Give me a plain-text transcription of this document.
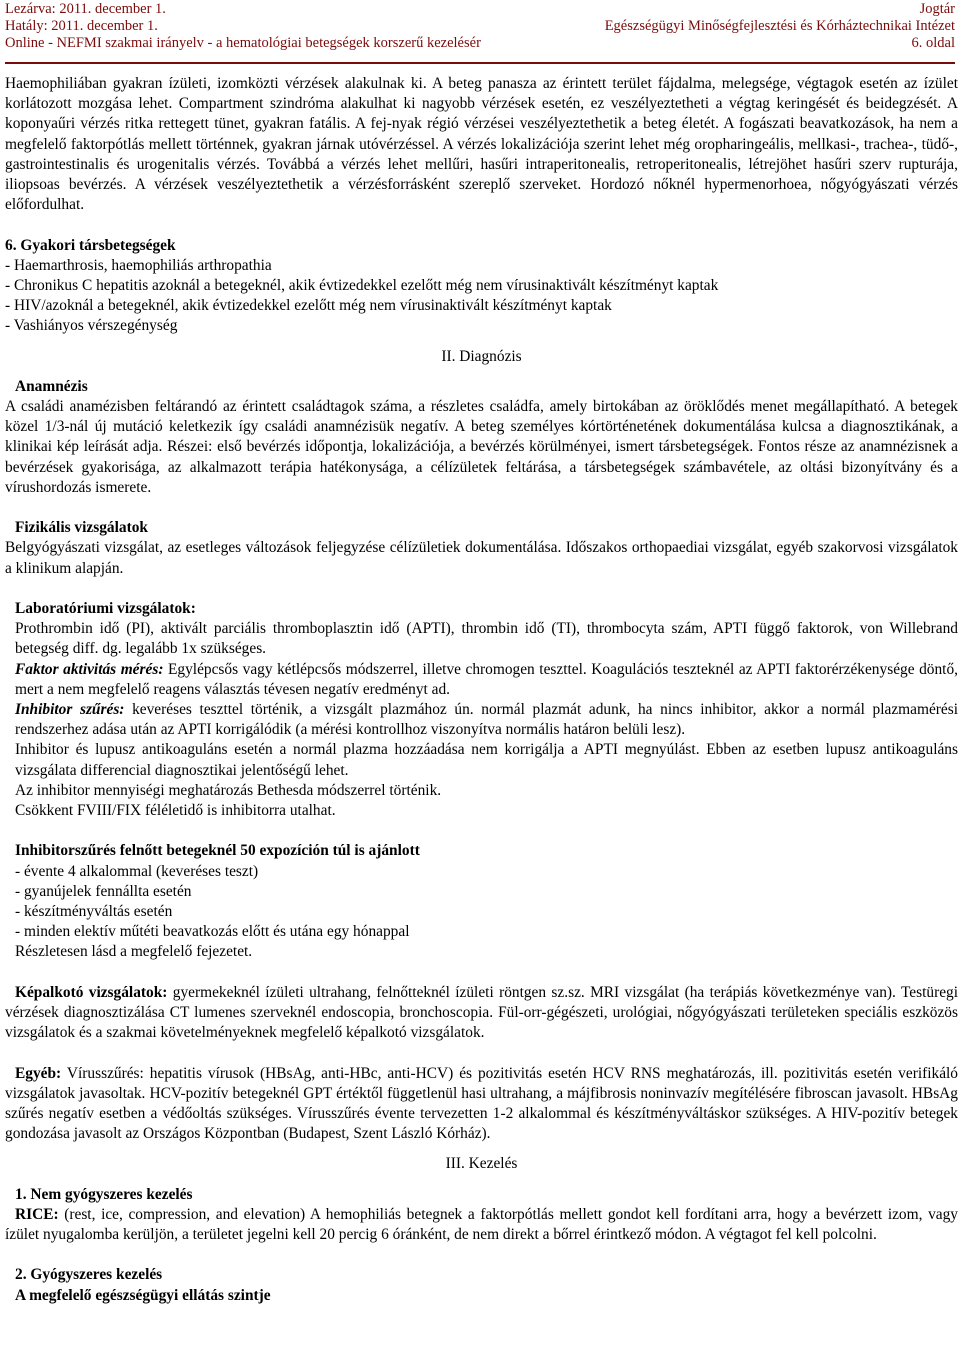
Lezárva: 2011. december 1.	Jogtár
Hatály: 2011. december 1.	Egészségügyi Minőségfejlesztési és Kórháztechnikai Intézet
Online - NEFMI szakmai irányelv - a hematológiai betegségek korszerű kezelésér	6. oldal

Haemophiliában gyakran ízületi, izomközti vérzések alakulnak ki. A beteg panasza az érintett terület fájdalma, melegsége, végtagok esetén az ízület korlátozott mozgása lehet. Compartment szindróma alakulhat ki nagyobb vérzések esetén, ez veszélyeztetheti a végtag keringését és beidegzését. A koponyaűri vérzés ritka rettegett tünet, gyakran fatális. A fej-nyak régió vérzései veszélyeztethetik a beteg életét. A fogászati beavatkozások, ha nem a megfelelő faktorpótlás mellett történnek, gyakran járnak utóvérzéssel. A vérzés lokalizációja szerint lehet még oropharingeális, mellkasi-, trachea-, tüdő-, gastrointestinalis és urogenitalis vérzés. Továbbá a vérzés lehet mellűri, hasűri intraperitonealis, retroperitonealis, létrejöhet hasűri szerv rupturája, iliopsoas bevérzés. A vérzések veszélyeztethetik a vérzésforrásként szereplő szerveket. Hordozó nőknél hypermenorhoea, nőgyógyászati vérzés előfordulhat.

6. Gyakori társbetegségek

- Haemarthrosis, haemophiliás arthropathia

- Chronikus C hepatitis azoknál a betegeknél, akik évtizedekkel ezelőtt még nem vírusinaktivált készítményt kaptak

- HIV/azoknál a betegeknél, akik évtizedekkel ezelőtt még nem vírusinaktivált készítményt kaptak

- Vashiányos vérszegénység

II. Diagnózis

Anamnézis

A családi anamézisben feltárandó az érintett családtagok száma, a részletes családfa, amely birtokában az öröklődés menet megállapítható. A betegek közel 1/3-nál új mutáció keletkezik így családi anamnézisük negatív. A beteg személyes kórtörténetének dokumentálása kulcsa a diagnosztikának, a klinikai kép leírását adja. Részei: első bevérzés időpontja, lokalizációja, a bevérzés körülményei, ismert társbetegségek. Fontos része az anamnézisnek a bevérzések gyakorisága, az alkalmazott terápia hatékonysága, a célízületek feltárása, a társbetegségek számbavétele, az oltási bizonyítvány és a vírushordozás ismerete.

Fizikális vizsgálatok

Belgyógyászati vizsgálat, az esetleges változások feljegyzése célízületiek dokumentálása. Időszakos orthopaediai vizsgálat, egyéb szakorvosi vizsgálatok a klinikum alapján.

Laboratóriumi vizsgálatok:

Prothrombin idő (PI), aktivált parciális thromboplasztin idő (APTI), thrombin idő (TI), thrombocyta szám, APTI függő faktorok, von Willebrand betegség diff. dg. legalább 1x szükséges.

Faktor aktivitás mérés: Egylépcsős vagy kétlépcsős módszerrel, illetve chromogen teszttel. Koagulációs teszteknél az APTI faktorérzékenysége döntő, mert a nem megfelelő reagens választás tévesen negatív eredményt ad.

Inhibitor szűrés: keveréses teszttel történik, a vizsgált plazmához ún. normál plazmát adunk, ha nincs inhibitor, akkor a normál plazmamérési rendszerhez adása után az APTI korrigálódik (a mérési kontrollhoz viszonyítva normális határon belüli lesz).

Inhibitor és lupusz antikoaguláns esetén a normál plazma hozzáadása nem korrigálja a APTI megnyúlást. Ebben az esetben lupusz antikoaguláns vizsgálata differencial diagnosztikai jelentőségű lehet.

Az inhibitor mennyiségi meghatározás Bethesda módszerrel történik.

Csökkent FVIII/FIX féléletidő is inhibitorra utalhat.

Inhibitorszűrés felnőtt betegeknél 50 expozíción túl is ajánlott

- évente 4 alkalommal (keveréses teszt)

- gyanújelek fennállta esetén

- készítményváltás esetén

- minden elektív műtéti beavatkozás előtt és utána egy hónappal

Részletesen lásd a megfelelő fejezetet.

Képalkotó vizsgálatok: gyermekeknél ízületi ultrahang, felnőtteknél ízületi röntgen sz.sz. MRI vizsgálat (ha terápiás következménye van). Testüregi vérzések diagnosztizálása CT lumenes szerveknél endoscopia, bronchoscopia. Fül-orr-gégészeti, urológiai, nőgyógyászati területeken speciális eszközös vizsgálatok és a szakmai követelményeknek megfelelő képalkotó vizsgálatok.

Egyéb: Vírusszűrés: hepatitis vírusok (HBsAg, anti-HBc, anti-HCV) és pozitivitás esetén HCV RNS meghatározás, ill. pozitivitás esetén verifikáló vizsgálatok javasoltak. HCV-pozitív betegeknél GPT értéktől függetlenül hasi ultrahang, a májfibrosis noninvazív megítélésére fibroscan javasolt. HBsAg szűrés negatív esetben a védőoltás szükséges. Vírusszűrés évente tervezetten 1-2 alkalommal és készítményváltáskor szükséges. A HIV-pozitív betegek gondozása javasolt az Országos Központban (Budapest, Szent László Kórház).

III. Kezelés

1. Nem gyógyszeres kezelés

RICE: (rest, ice, compression, and elevation) A hemophiliás betegnek a faktorpótlás mellett gondot kell fordítani arra, hogy a bevérzett izom, vagy ízület nyugalomba kerüljön, a területet jegelni kell 20 percig 6 óránként, de nem direkt a bőrrel érintkező módon. A végtagot fel kell polcolni.

2. Gyógyszeres kezelés

A megfelelő egészségügyi ellátás szintje
